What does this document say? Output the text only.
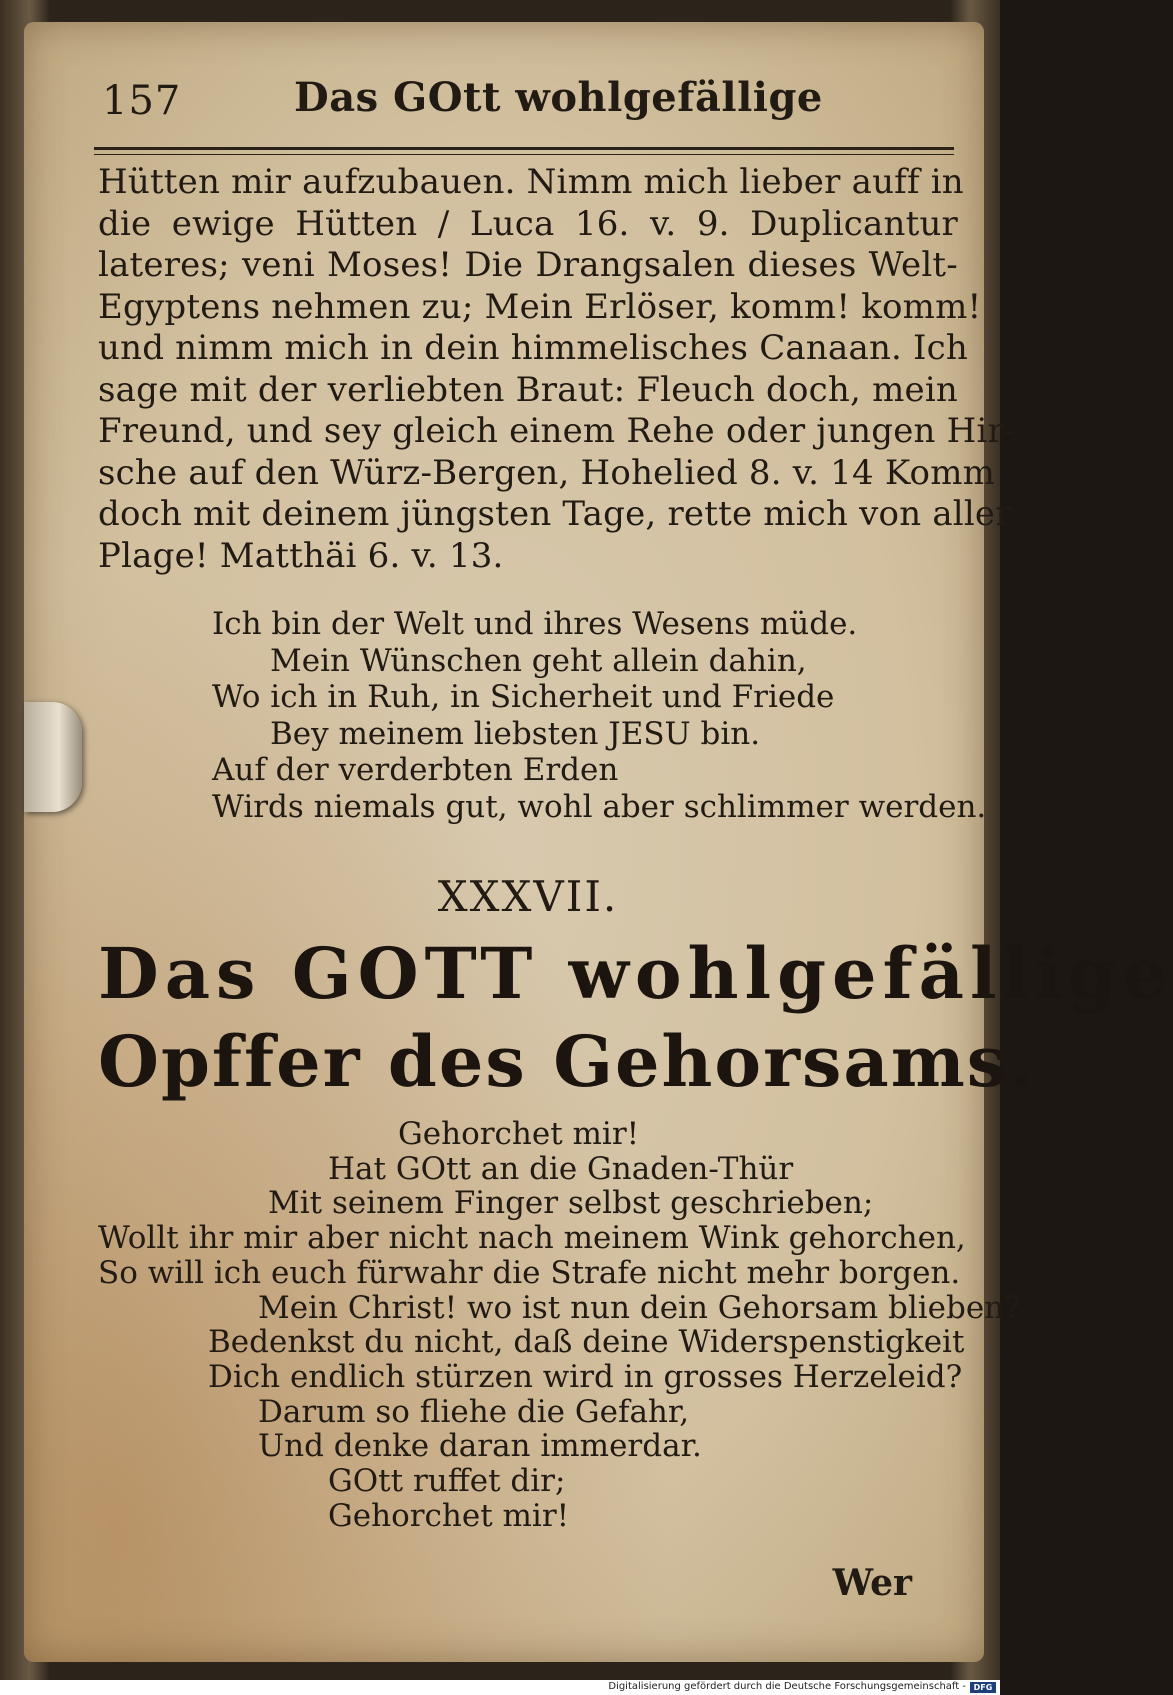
157	Das GOtt wohlgefällige
Hütten mir aufzubauen. Nimm mich lieber auff in
die ewige Hütten / Luca 16. v. 9. Duplicantur
lateres; veni Moses! Die Drangsalen dieses Welt-
Egyptens nehmen zu; Mein Erlöser, komm! komm!
und nimm mich in dein himmelisches Canaan. Ich
sage mit der verliebten Braut: Fleuch doch, mein
Freund, und sey gleich einem Rehe oder jungen Hir-
sche auf den Würz-Bergen, Hohelied 8. v. 14 Komm
doch mit deinem jüngsten Tage, rette mich von aller
Plage! Matthäi 6. v. 13.
Ich bin der Welt und ihres Wesens müde.
Mein Wünschen geht allein dahin,
Wo ich in Ruh, in Sicherheit und Friede
Bey meinem liebsten JESU bin.
Auf der verderbten Erden
Wirds niemals gut, wohl aber schlimmer werden.
XXXVII.
Das GOTT wohlgefällige
Opffer des Gehorsams.
Gehorchet mir!
Hat GOtt an die Gnaden-Thür
Mit seinem Finger selbst geschrieben;
Wollt ihr mir aber nicht nach meinem Wink gehorchen,
So will ich euch fürwahr die Strafe nicht mehr borgen.
Mein Christ! wo ist nun dein Gehorsam blieben?
Bedenkst du nicht, daß deine Widerspenstigkeit
Dich endlich stürzen wird in grosses Herzeleid?
Darum so fliehe die Gefahr,
Und denke daran immerdar.
GOtt ruffet dir;
Gehorchet mir!
Wer
Digitalisierung gefördert durch die Deutsche Forschungsgemeinschaft - DFG
